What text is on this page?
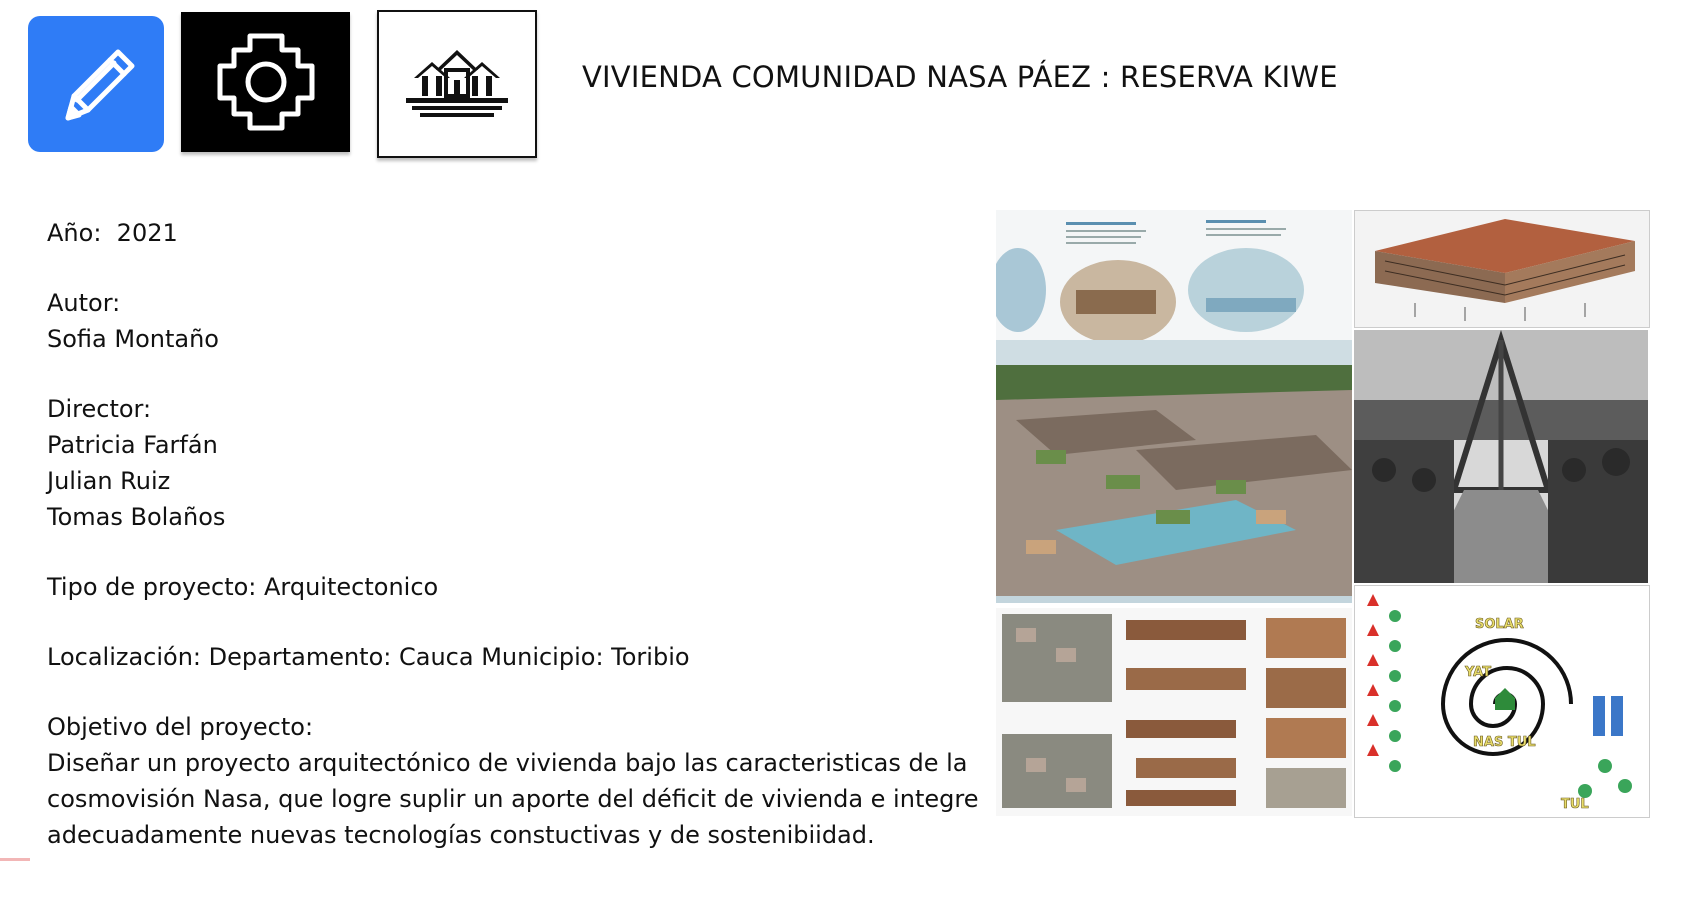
VIVIENDA COMUNIDAD NASA PÁEZ : RESERVA KIWE

Año: 2021

Autor:
Sofia Montaño

Director:
Patricia Farfán
Julian Ruiz
Tomas Bolaños

Tipo de proyecto: Arquitectonico

Localización: Departamento: Cauca Municipio: Toribio

Objetivo del proyecto:
Diseñar un proyecto arquitectónico de vivienda bajo las caracteristicas de la
cosmovisión Nasa, que logre suplir un aporte del déficit de vivienda e integre
adecuadamente nuevas tecnologías constuctivas y de sostenibiidad.

SOLAR
YAT
NAS TUL
TUL
